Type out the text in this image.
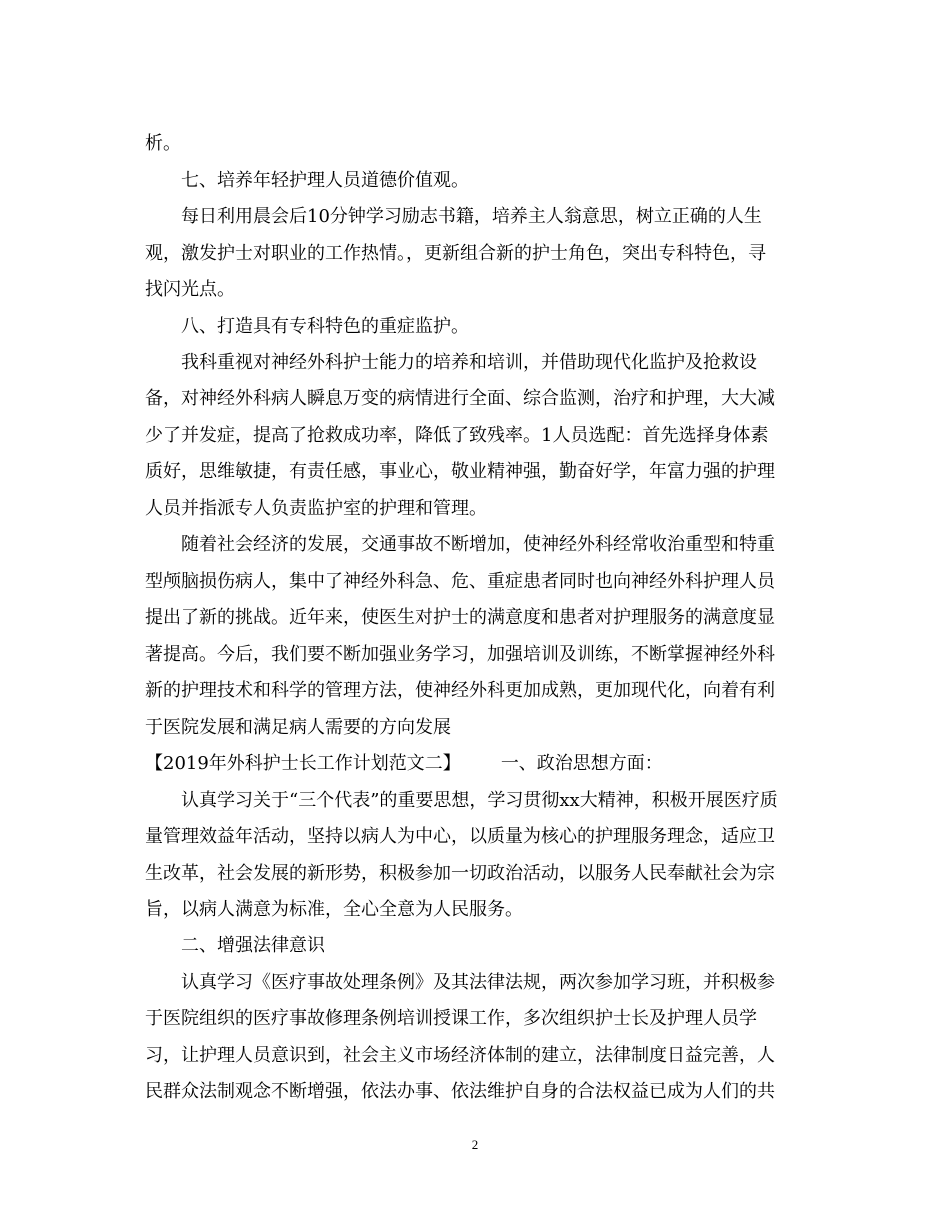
析。
七、培养年轻护理人员道德价值观。
每日利用晨会后10分钟学习励志书籍，培养主人翁意思，树立正确的人生
观，激发护士对职业的工作热情。，更新组合新的护士角色，突出专科特色，寻
找闪光点。
八、打造具有专科特色的重症监护。
我科重视对神经外科护士能力的培养和培训，并借助现代化监护及抢救设
备，对神经外科病人瞬息万变的病情进行全面、综合监测，治疗和护理，大大减
少了并发症，提高了抢救成功率，降低了致残率。1人员选配：首先选择身体素
质好，思维敏捷，有责任感，事业心，敬业精神强，勤奋好学，年富力强的护理
人员并指派专人负责监护室的护理和管理。
随着社会经济的发展，交通事故不断增加，使神经外科经常收治重型和特重
型颅脑损伤病人，集中了神经外科急、危、重症患者同时也向神经外科护理人员
提出了新的挑战。近年来，使医生对护士的满意度和患者对护理服务的满意度显
著提高。今后，我们要不断加强业务学习，加强培训及训练，不断掌握神经外科
新的护理技术和科学的管理方法，使神经外科更加成熟，更加现代化，向着有利
于医院发展和满足病人需要的方向发展
【2019年外科护士长工作计划范文二】 一、政治思想方面：
认真学习关于“三个代表”的重要思想，学习贯彻xx大精神，积极开展医疗质
量管理效益年活动，坚持以病人为中心，以质量为核心的护理服务理念，适应卫
生改革，社会发展的新形势，积极参加一切政治活动，以服务人民奉献社会为宗
旨，以病人满意为标准，全心全意为人民服务。
二、增强法律意识
认真学习《医疗事故处理条例》及其法律法规，两次参加学习班，并积极参
于医院组织的医疗事故修理条例培训授课工作，多次组织护士长及护理人员学
习，让护理人员意识到，社会主义市场经济体制的建立，法律制度日益完善，人
民群众法制观念不断增强，依法办事、依法维护自身的合法权益已成为人们的共
2
